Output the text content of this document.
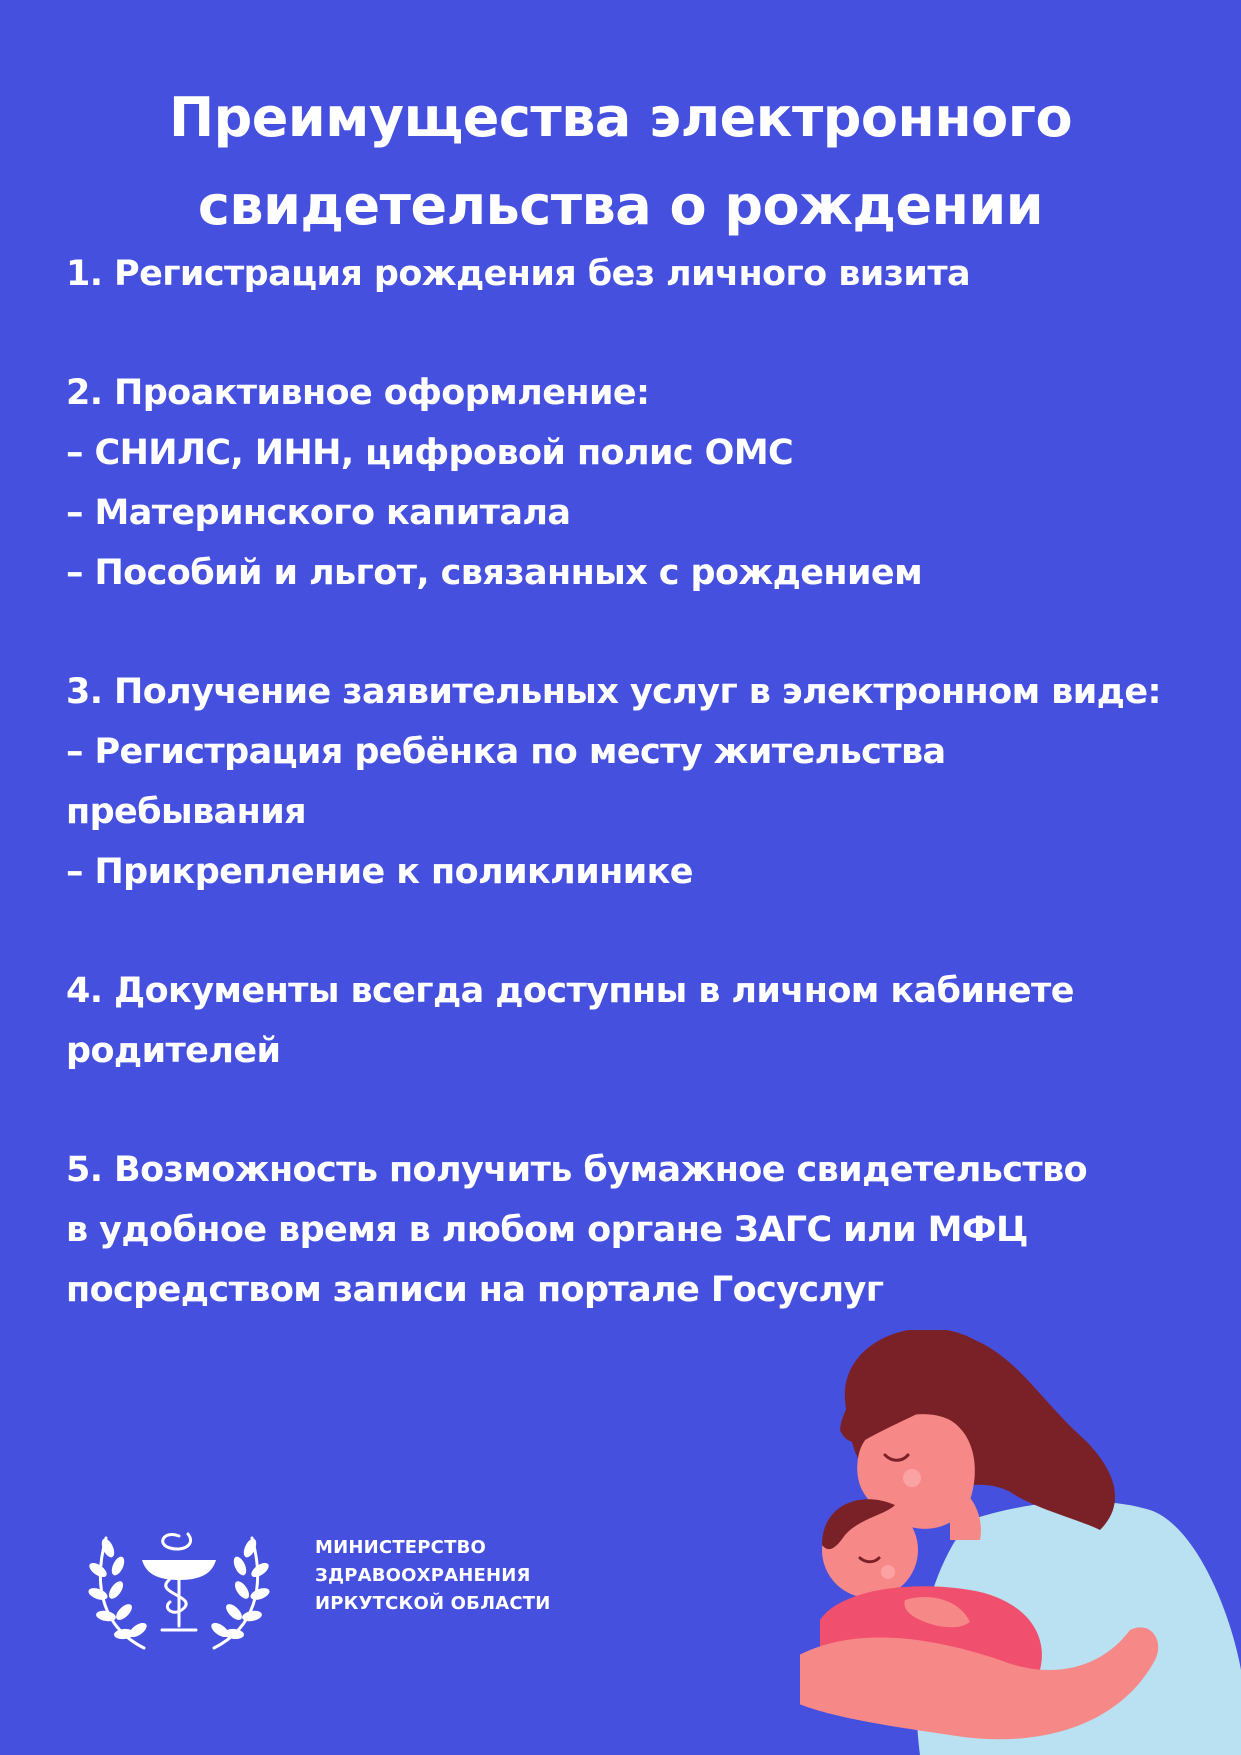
Преимущества электронного
свидетельства о рождении
1. Регистрация рождения без личного визита
2. Проактивное оформление:
– СНИЛС, ИНН, цифровой полис ОМС
– Материнского капитала
– Пособий и льгот, связанных с рождением
3. Получение заявительных услуг в электронном виде:
– Регистрация ребёнка по месту жительства
пребывания
– Прикрепление к поликлинике
4. Документы всегда доступны в личном кабинете
родителей
5. Возможность получить бумажное свидетельство
в удобное время в любом органе ЗАГС или МФЦ
посредством записи на портале Госуслуг
МИНИСТЕРСТВО
ЗДРАВООХРАНЕНИЯ
ИРКУТСКОЙ ОБЛАСТИ
